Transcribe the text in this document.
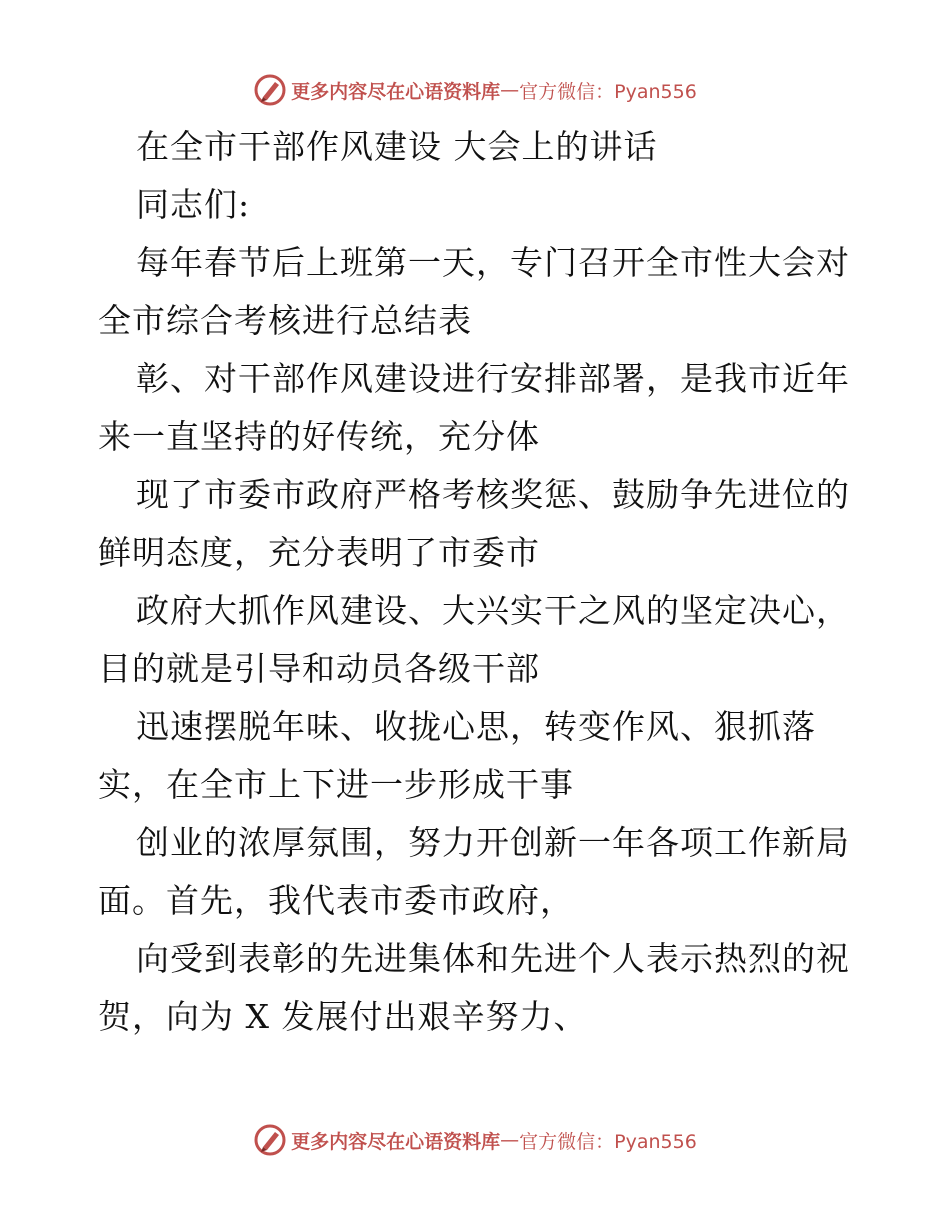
更多内容尽在心语资料库 — 官方微信：Pyan556
在全市干部作风建设 大会上的讲话
同志们:
每年春节后上班第一天，专门召开全市性大会对
全市综合考核进行总结表
彰、对干部作风建设进行安排部署，是我市近年
来一直坚持的好传统，充分体
现了市委市政府严格考核奖惩、鼓励争先进位的
鲜明态度，充分表明了市委市
政府大抓作风建设、大兴实干之风的坚定决心，
目的就是引导和动员各级干部
迅速摆脱年味、收拢心思，转变作风、狠抓落
实，在全市上下进一步形成干事
创业的浓厚氛围，努力开创新一年各项工作新局
面。首先，我代表市委市政府，
向受到表彰的先进集体和先进个人表示热烈的祝
贺，向为 X 发展付出艰辛努力、
更多内容尽在心语资料库 — 官方微信：Pyan556
